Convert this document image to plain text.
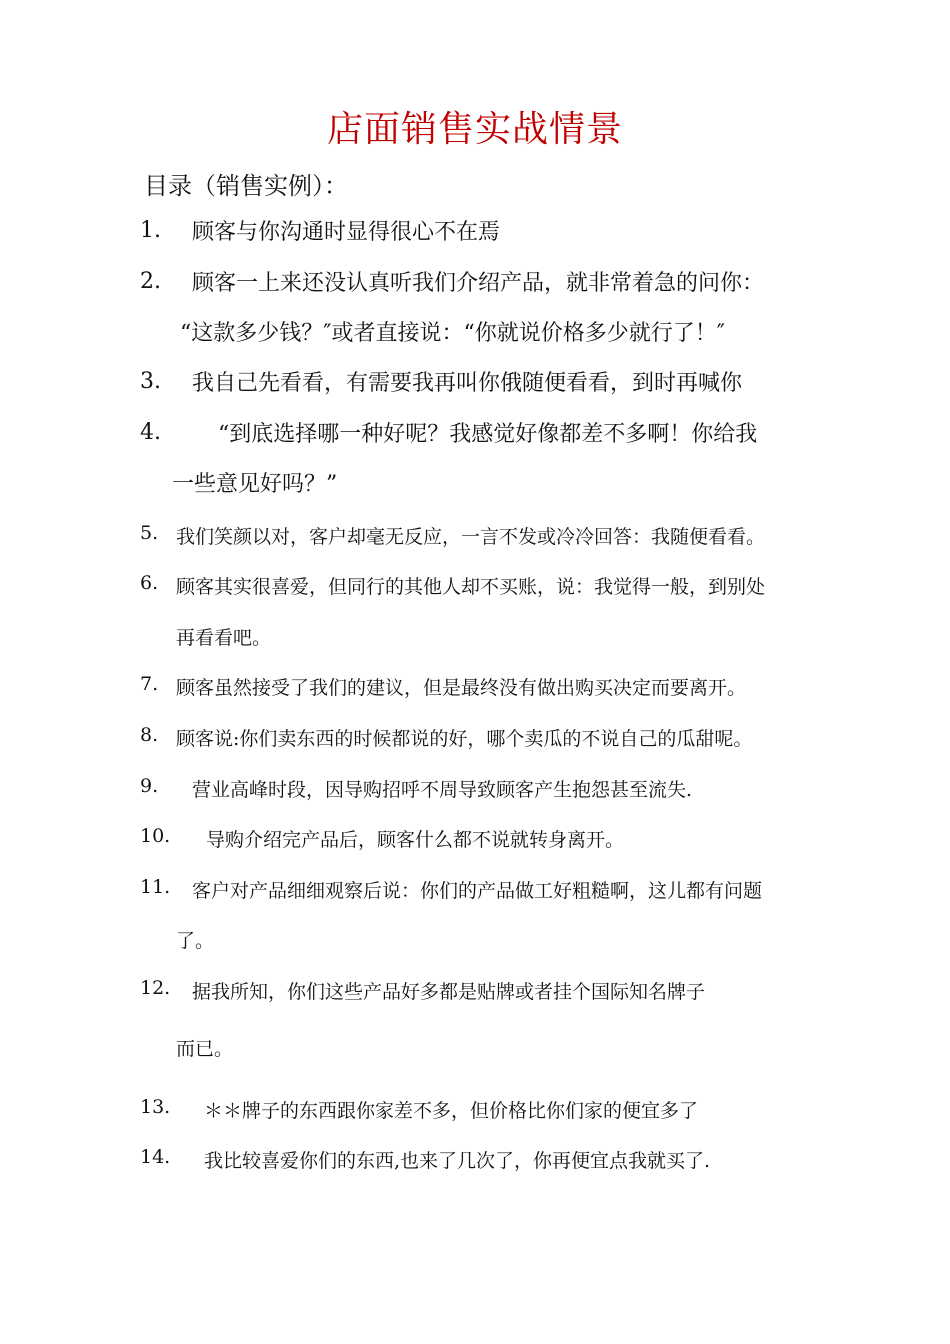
店面销售实战情景
目录（销售实例）：
1. 顾客与你沟通时显得很心不在焉
2. 顾客一上来还没认真听我们介绍产品，就非常着急的问你：
“这款多少钱？″或者直接说：“你就说价格多少就行了！″
3. 我自己先看看，有需要我再叫你俄随便看看，到时再喊你
4.	“到底选择哪一种好呢？我感觉好像都差不多啊！你给我
一些意见好吗？”
5. 我们笑颜以对，客户却毫无反应，一言不发或冷冷回答：我随便看看。
6. 顾客其实很喜爱，但同行的其他人却不买账，说：我觉得一般，到别处
再看看吧。
7. 顾客虽然接受了我们的建议，但是最终没有做出购买决定而要离开。
8. 顾客说:你们卖东西的时候都说的好，哪个卖瓜的不说自己的瓜甜呢。
9. 营业高峰时段，因导购招呼不周导致顾客产生抱怨甚至流失.
10. 导购介绍完产品后，顾客什么都不说就转身离开。
11. 客户对产品细细观察后说：你们的产品做工好粗糙啊，这儿都有问题
了。
12. 据我所知，你们这些产品好多都是贴牌或者挂个国际知名牌子
而已。
13. ＊＊牌子的东西跟你家差不多，但价格比你们家的便宜多了
14. 我比较喜爱你们的东西,也来了几次了，你再便宜点我就买了.
